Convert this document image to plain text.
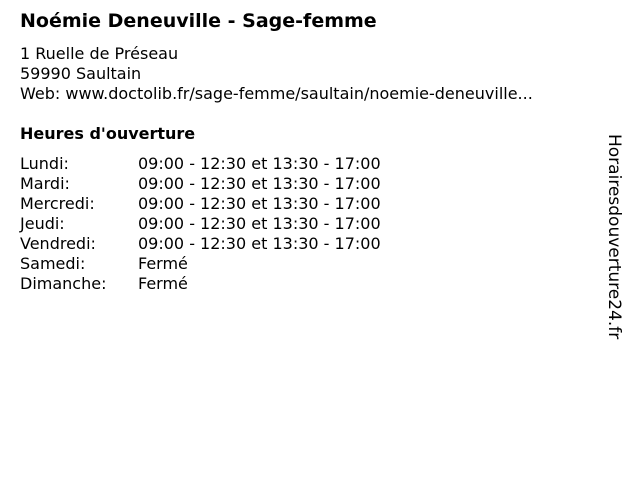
Noémie Deneuville - Sage-femme
1 Ruelle de Préseau
59990 Saultain
Web: www.doctolib.fr/sage-femme/saultain/noemie-deneuville...
Heures d'ouverture
Lundi:	09:00 - 12:30 et 13:30 - 17:00
Mardi:	09:00 - 12:30 et 13:30 - 17:00
Mercredi:	09:00 - 12:30 et 13:30 - 17:00
Jeudi:	09:00 - 12:30 et 13:30 - 17:00
Vendredi:	09:00 - 12:30 et 13:30 - 17:00
Samedi:	Fermé
Dimanche: Fermé	Horairesdouverture24.fr
